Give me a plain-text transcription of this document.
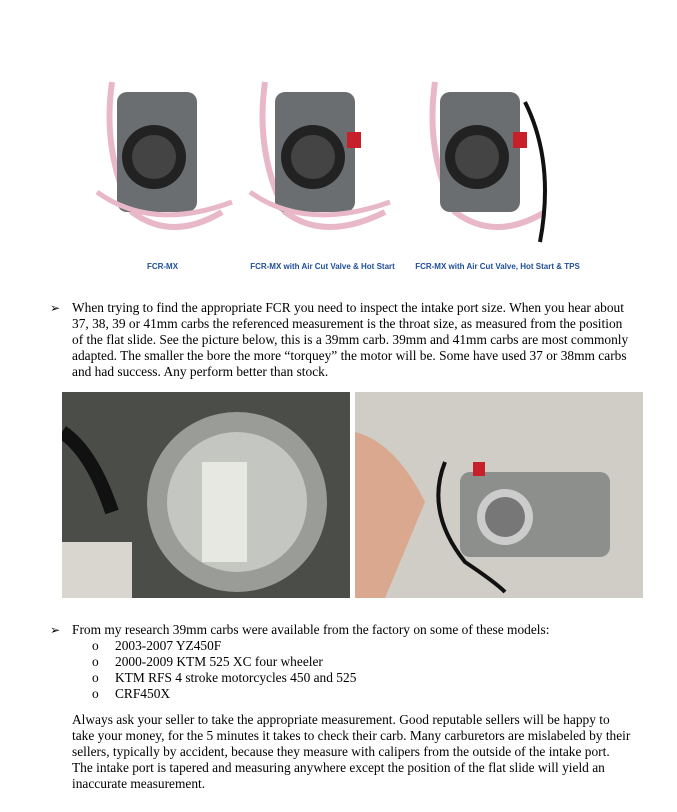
FCR-MX	FCR-MX with Air Cut Valve & Hot Start	FCR-MX with Air Cut Valve, Hot Start & TPS
➢ When trying to find the appropriate FCR you need to inspect the intake port size. When you hear about 37, 38, 39 or 41mm carbs the referenced measurement is the throat size, as measured from the position of the flat slide. See the picture below, this is a 39mm carb. 39mm and 41mm carbs are most commonly adapted. The smaller the bore the more “torquey” the motor will be. Some have used 37 or 38mm carbs and had success. Any perform better than stock.
➢ From my research 39mm carbs were available from the factory on some of these models:
o 2003-2007 YZ450F
o 2000-2009 KTM 525 XC four wheeler
o KTM RFS 4 stroke motorcycles 450 and 525
o CRF450X
Always ask your seller to take the appropriate measurement. Good reputable sellers will be happy to take your money, for the 5 minutes it takes to check their carb. Many carburetors are mislabeled by their sellers, typically by accident, because they measure with calipers from the outside of the intake port. The intake port is tapered and measuring anywhere except the position of the flat slide will yield an inaccurate measurement.
